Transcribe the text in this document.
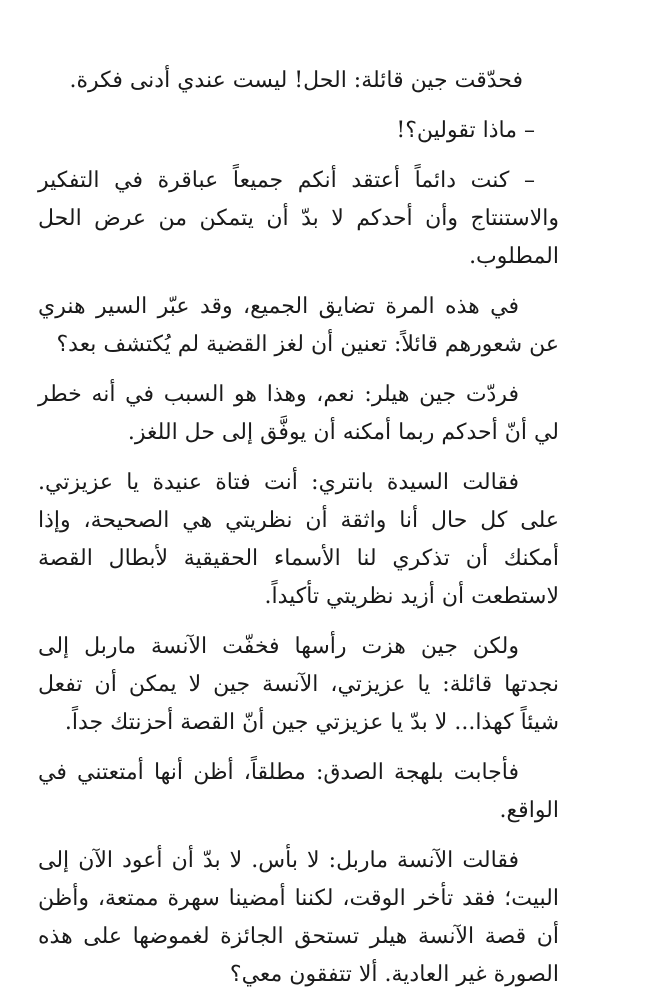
فحدّقت جين قائلة: الحل! ليست عندي أدنى فكرة.

– ماذا تقولين؟!

– كنت دائماً أعتقد أنكم جميعاً عباقرة في التفكير والاستنتاج وأن أحدكم لا بدّ أن يتمكن من عرض الحل المطلوب.

في هذه المرة تضايق الجميع، وقد عبّر السير هنري عن شعورهم قائلاً: تعنين أن لغز القضية لم يُكتشف بعد؟

فردّت جين هيلر: نعم، وهذا هو السبب في أنه خطر لي أنّ أحدكم ربما أمكنه أن يوفَّق إلى حل اللغز.

فقالت السيدة بانتري: أنت فتاة عنيدة يا عزيزتي. على كل حال أنا واثقة أن نظريتي هي الصحيحة، وإذا أمكنك أن تذكري لنا الأسماء الحقيقية لأبطال القصة لاستطعت أن أزيد نظريتي تأكيداً.

ولكن جين هزت رأسها فخفّت الآنسة ماربل إلى نجدتها قائلة: يا عزيزتي، الآنسة جين لا يمكن أن تفعل شيئاً كهذا... لا بدّ يا عزيزتي جين أنّ القصة أحزنتك جداً.

فأجابت بلهجة الصدق: مطلقاً، أظن أنها أمتعتني في الواقع.

فقالت الآنسة ماربل: لا بأس. لا بدّ أن أعود الآن إلى البيت؛ فقد تأخر الوقت، لكننا أمضينا سهرة ممتعة، وأظن أن قصة الآنسة هيلر تستحق الجائزة لغموضها على هذه الصورة غير العادية. ألا تتفقون معي؟
